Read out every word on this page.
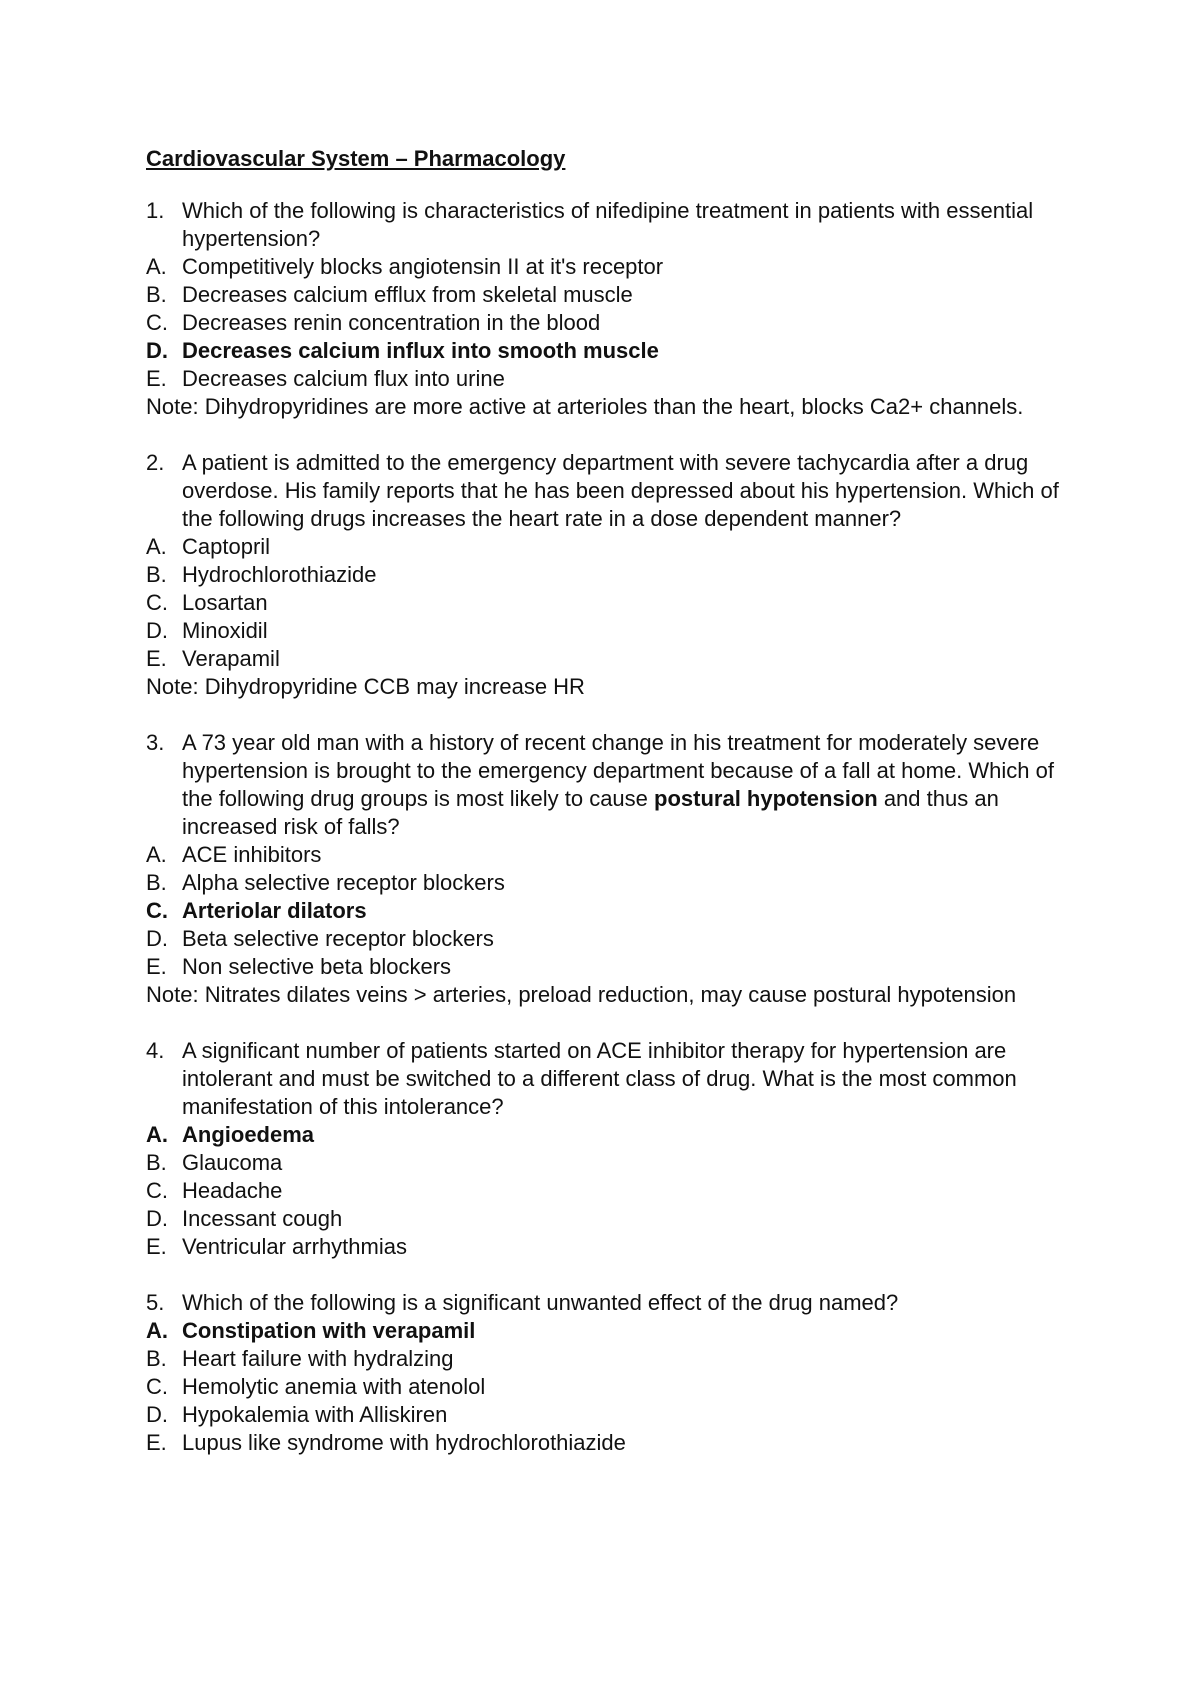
Cardiovascular System – Pharmacology
1. Which of the following is characteristics of nifedipine treatment in patients with essential hypertension?
A. Competitively blocks angiotensin II at it's receptor
B. Decreases calcium efflux from skeletal muscle
C. Decreases renin concentration in the blood
D. Decreases calcium influx into smooth muscle
E. Decreases calcium flux into urine
Note: Dihydropyridines are more active at arterioles than the heart, blocks Ca2+ channels.
2. A patient is admitted to the emergency department with severe tachycardia after a drug overdose. His family reports that he has been depressed about his hypertension. Which of the following drugs increases the heart rate in a dose dependent manner?
A. Captopril
B. Hydrochlorothiazide
C. Losartan
D. Minoxidil
E. Verapamil
Note: Dihydropyridine CCB may increase HR
3. A 73 year old man with a history of recent change in his treatment for moderately severe hypertension is brought to the emergency department because of a fall at home. Which of the following drug groups is most likely to cause postural hypotension and thus an increased risk of falls?
A. ACE inhibitors
B. Alpha selective receptor blockers
C. Arteriolar dilators
D. Beta selective receptor blockers
E. Non selective beta blockers
Note: Nitrates dilates veins > arteries, preload reduction, may cause postural hypotension
4. A significant number of patients started on ACE inhibitor therapy for hypertension are intolerant and must be switched to a different class of drug. What is the most common manifestation of this intolerance?
A. Angioedema
B. Glaucoma
C. Headache
D. Incessant cough
E. Ventricular arrhythmias
5. Which of the following is a significant unwanted effect of the drug named?
A. Constipation with verapamil
B. Heart failure with hydralzing
C. Hemolytic anemia with atenolol
D. Hypokalemia with Alliskiren
E. Lupus like syndrome with hydrochlorothiazide
